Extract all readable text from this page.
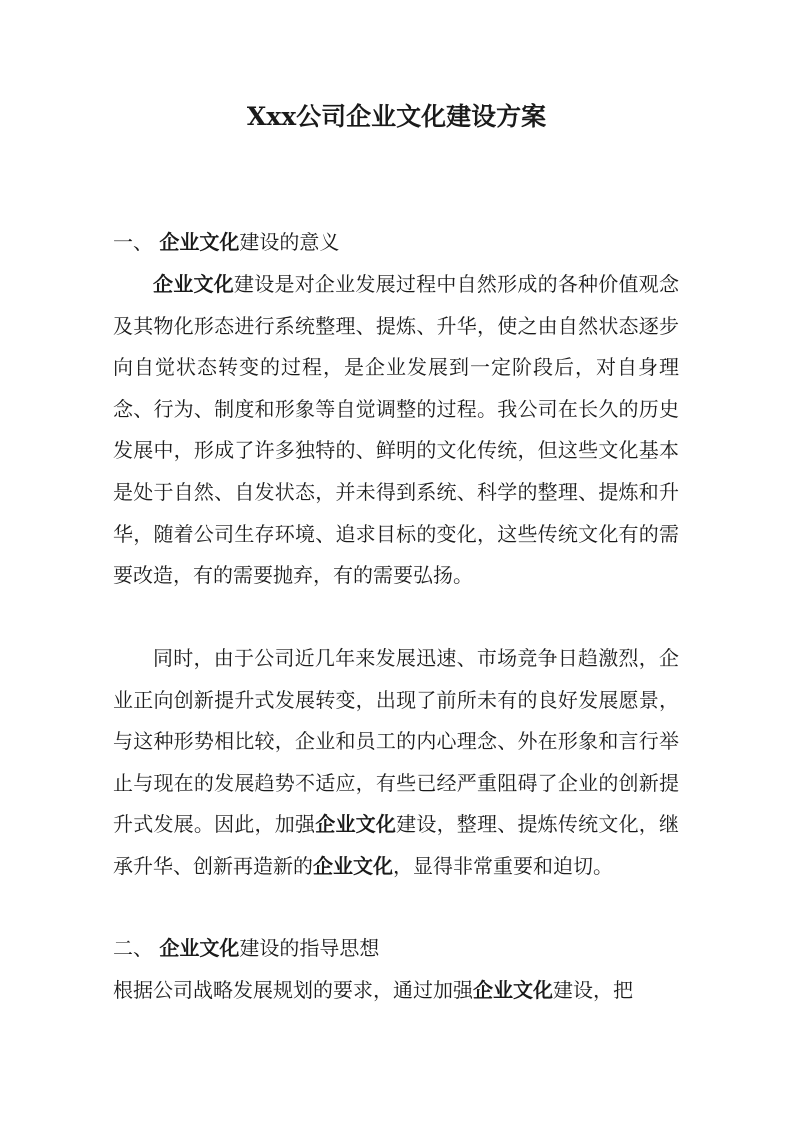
Xxx公司企业文化建设方案

一、 企业文化建设的意义

企业文化建设是对企业发展过程中自然形成的各种价值观念及其物化形态进行系统整理、提炼、升华，使之由自然状态逐步向自觉状态转变的过程，是企业发展到一定阶段后，对自身理念、行为、制度和形象等自觉调整的过程。我公司在长久的历史发展中，形成了许多独特的、鲜明的文化传统，但这些文化基本是处于自然、自发状态，并未得到系统、科学的整理、提炼和升华，随着公司生存环境、追求目标的变化，这些传统文化有的需要改造，有的需要抛弃，有的需要弘扬。

同时，由于公司近几年来发展迅速、市场竞争日趋激烈，企业正向创新提升式发展转变，出现了前所未有的良好发展愿景，与这种形势相比较，企业和员工的内心理念、外在形象和言行举止与现在的发展趋势不适应，有些已经严重阻碍了企业的创新提升式发展。因此，加强企业文化建设，整理、提炼传统文化，继承升华、创新再造新的企业文化，显得非常重要和迫切。

二、 企业文化建设的指导思想

根据公司战略发展规划的要求，通过加强企业文化建设，把
